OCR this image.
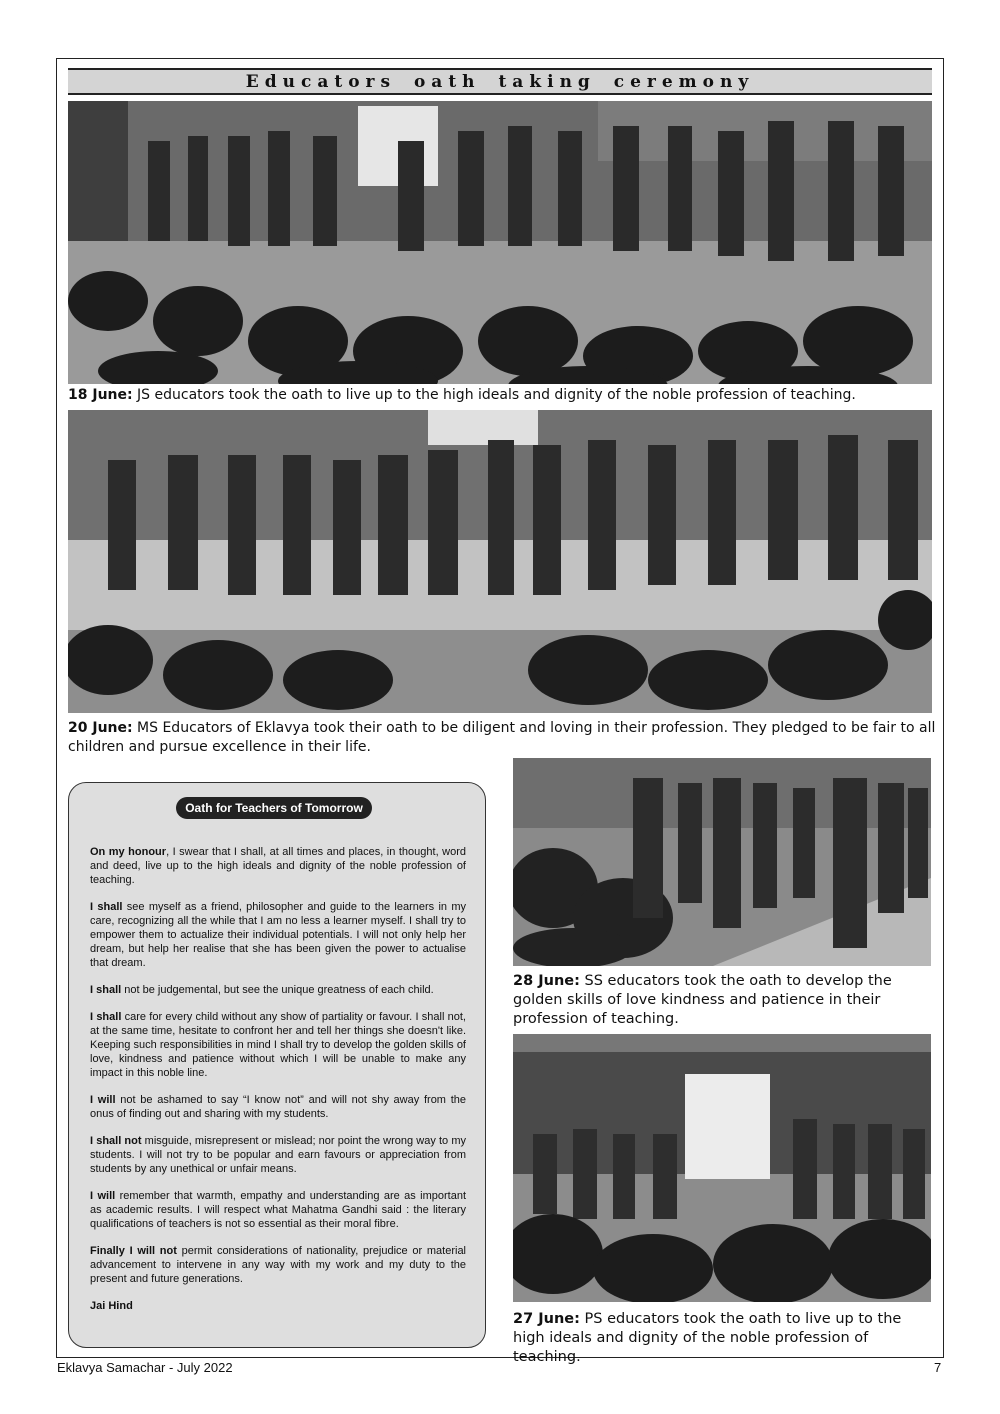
Educators oath taking ceremony
18 June: JS educators took the oath to live up to the high ideals and dignity of the noble profession of teaching.
20 June: MS Educators of Eklavya took their oath to be diligent and loving in their profession. They pledged to be fair to all children and pursue excellence in their life.
Oath for Teachers of Tomorrow

On my honour, I swear that I shall, at all times and places, in thought, word and deed, live up to the high ideals and dignity of the noble profession of teaching.

I shall see myself as a friend, philosopher and guide to the learners in my care, recognizing all the while that I am no less a learner myself. I shall try to empower them to actualize their individual potentials. I will not only help her dream, but help her realise that she has been given the power to actualise that dream.

I shall not be judgemental, but see the unique greatness of each child.

I shall care for every child without any show of partiality or favour. I shall not, at the same time, hesitate to confront her and tell her things she doesn't like. Keeping such responsibilities in mind I shall try to develop the golden skills of love, kindness and patience without which I will be unable to make any impact in this noble line.

I will not be ashamed to say “I know not” and will not shy away from the onus of finding out and sharing with my students.

I shall not misguide, misrepresent or mislead; nor point the wrong way to my students. I will not try to be popular and earn favours or appreciation from students by any unethical or unfair means.

I will remember that warmth, empathy and understanding are as important as academic results. I will respect what Mahatma Gandhi said : the literary qualifications of teachers is not so essential as their moral fibre.

Finally I will not permit considerations of nationality, prejudice or material advancement to intervene in any way with my work and my duty to the present and future generations.

Jai Hind

28 June: SS educators took the oath to develop the golden skills of love kindness and patience in their profession of teaching.
27 June: PS educators took the oath to live up to the high ideals and dignity of the noble profession of teaching.
Eklavya Samachar - July 2022	7
